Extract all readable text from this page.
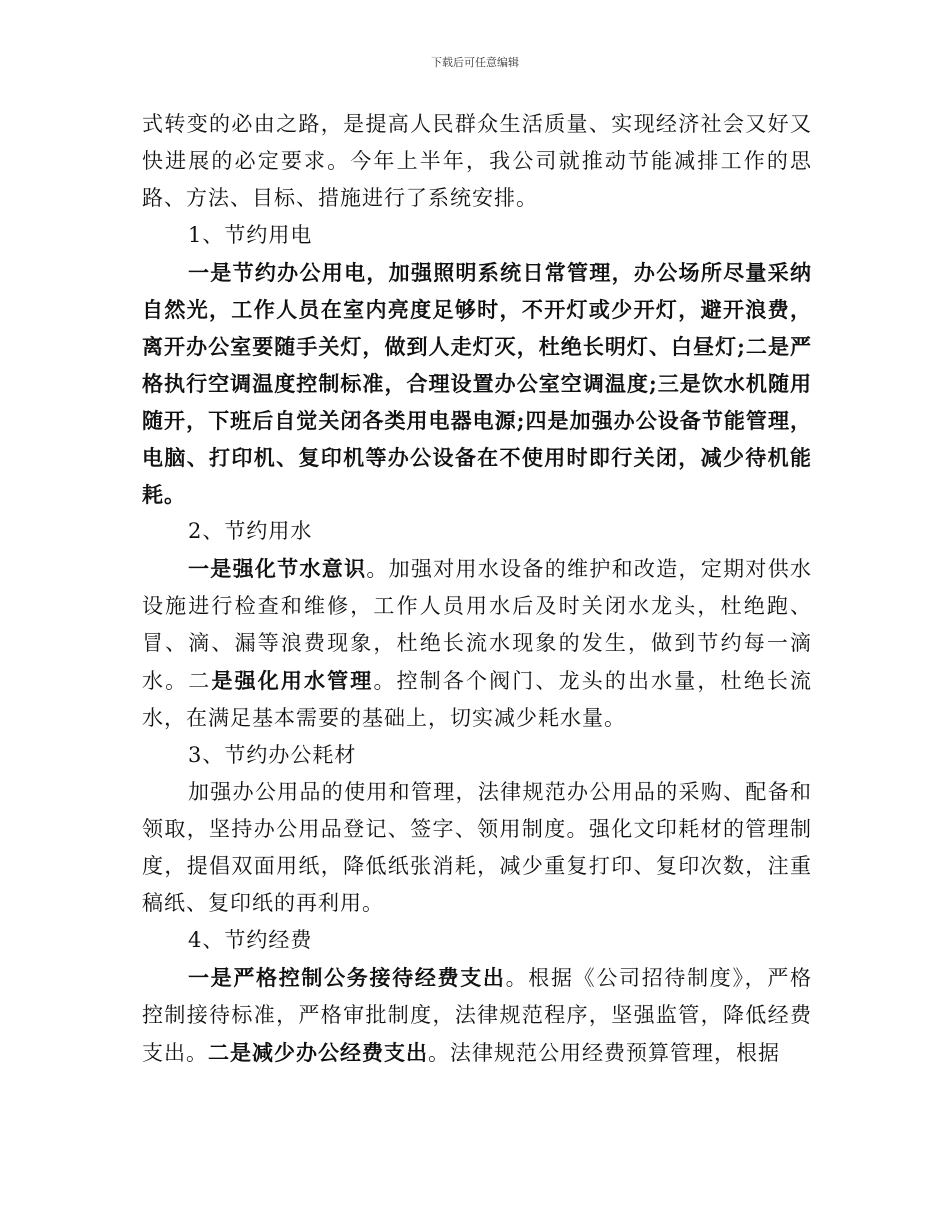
下载后可任意编辑

式转变的必由之路，是提高人民群众生活质量、实现经济社会又好又快进展的必定要求。今年上半年，我公司就推动节能减排工作的思路、方法、目标、措施进行了系统安排。

1、节约用电

一是节约办公用电，加强照明系统日常管理，办公场所尽量采纳自然光，工作人员在室内亮度足够时，不开灯或少开灯，避开浪费，离开办公室要随手关灯，做到人走灯灭，杜绝长明灯、白昼灯;二是严格执行空调温度控制标准，合理设置办公室空调温度;三是饮水机随用随开，下班后自觉关闭各类用电器电源;四是加强办公设备节能管理，电脑、打印机、复印机等办公设备在不使用时即行关闭，减少待机能耗。

2、节约用水

一是强化节水意识。加强对用水设备的维护和改造，定期对供水设施进行检查和维修，工作人员用水后及时关闭水龙头，杜绝跑、冒、滴、漏等浪费现象，杜绝长流水现象的发生，做到节约每一滴水。二是强化用水管理。控制各个阀门、龙头的出水量，杜绝长流水，在满足基本需要的基础上，切实减少耗水量。

3、节约办公耗材

加强办公用品的使用和管理，法律规范办公用品的采购、配备和领取，坚持办公用品登记、签字、领用制度。强化文印耗材的管理制度，提倡双面用纸，降低纸张消耗，减少重复打印、复印次数，注重稿纸、复印纸的再利用。

4、节约经费

一是严格控制公务接待经费支出。根据《公司招待制度》，严格控制接待标准，严格审批制度，法律规范程序，坚强监管，降低经费支出。二是减少办公经费支出。法律规范公用经费预算管理，根据
